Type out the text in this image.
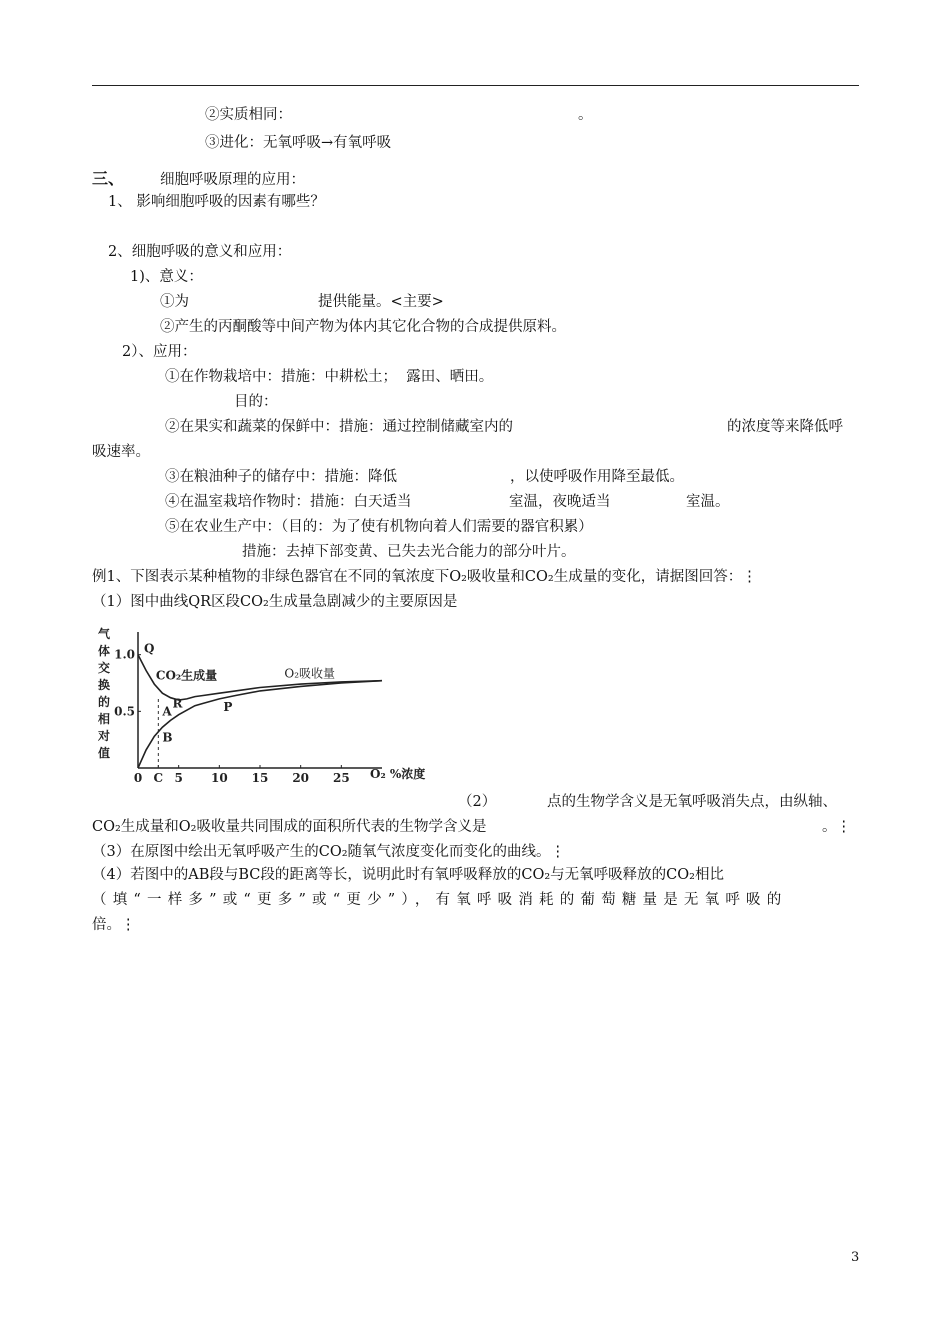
②实质相同：	。
③进化：无氧呼吸→有氧呼吸
三、 细胞呼吸原理的应用：
1、 影响细胞呼吸的因素有哪些？
2、细胞呼吸的意义和应用：
1)、意义：
①为	提供能量。<主要>
②产生的丙酮酸等中间产物为体内其它化合物的合成提供原料。
2）、应用：
①在作物栽培中：措施：中耕松土；  露田、晒田。
目的：
②在果实和蔬菜的保鲜中：措施：通过控制储藏室内的	的浓度等来降低呼
吸速率。
③在粮油种子的储存中：措施：降低	，以使呼吸作用降至最低。
④在温室栽培作物时：措施：白天适当	室温，夜晚适当	室温。
⑤在农业生产中：（目的：为了使有机物向着人们需要的器官积累）
措施：去掉下部变黄、已失去光合能力的部分叶片。
例1、下图表示某种植物的非绿色器官在不同的氧浓度下O₂吸收量和CO₂生成量的变化，请据图回答：⋮
（1）图中曲线QR区段CO₂生成量急剧减少的主要原因是
气
体
交
换
的
相
对
值
0 C 5 10 15 20 25
0.5
1.0
CO₂生成量	O₂吸收量
Q
R	P
A
B
O₂ %浓度
（2）	点的生物学含义是无氧呼吸消失点，由纵轴、
CO₂生成量和O₂吸收量共同围成的面积所代表的生物学含义是	。⋮
（3）在原图中绘出无氧呼吸产生的CO₂随氧气浓度变化而变化的曲线。⋮
（4）若图中的AB段与BC段的距离等长，说明此时有氧呼吸释放的CO₂与无氧呼吸释放的CO₂相比
（填“一样多”或“更多”或“更少”），有氧呼吸消耗的葡萄糖量是无氧呼吸的
倍。⋮
3
